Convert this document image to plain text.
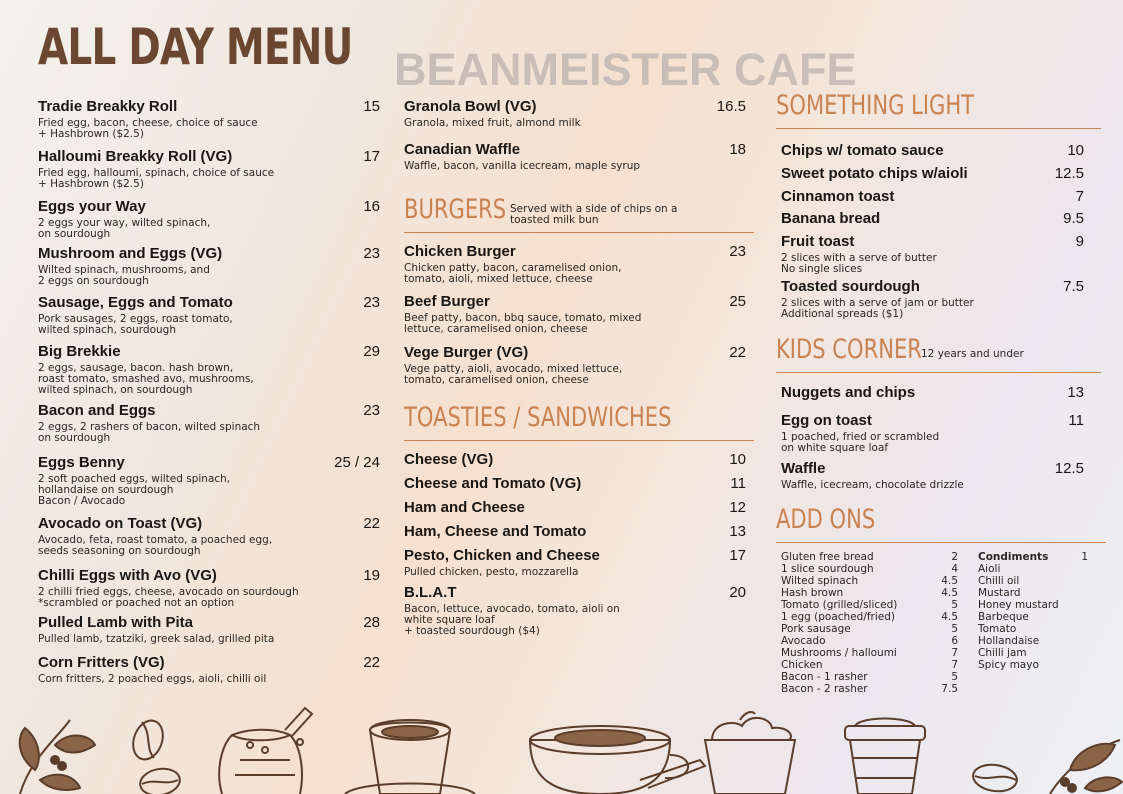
ALL DAY MENU BEANMEISTER CAFE
Tradie Breakky Roll	15
Fried egg, bacon, cheese, choice of sauce
+ Hashbrown ($2.5)
Halloumi Breakky Roll (VG)	17
Fried egg, halloumi, spinach, choice of sauce
+ Hashbrown ($2.5)
Eggs your Way	16
2 eggs your way, wilted spinach,
on sourdough
Mushroom and Eggs (VG)	23
Wilted spinach, mushrooms, and
2 eggs on sourdough
Sausage, Eggs and Tomato	23
Pork sausages, 2 eggs, roast tomato,
wilted spinach, sourdough
Big Brekkie	29
2 eggs, sausage, bacon. hash brown,
roast tomato, smashed avo, mushrooms,
wilted spinach, on sourdough
Bacon and Eggs	23
2 eggs, 2 rashers of bacon, wilted spinach
on sourdough
Eggs Benny	25 / 24
2 soft poached eggs, wilted spinach,
hollandaise on sourdough
Bacon / Avocado
Avocado on Toast (VG)	22
Avocado, feta, roast tomato, a poached egg,
seeds seasoning on sourdough
Chilli Eggs with Avo (VG)	19
2 chilli fried eggs, cheese, avocado on sourdough
*scrambled or poached not an option
Pulled Lamb with Pita	28
Pulled lamb, tzatziki, greek salad, grilled pita
Corn Fritters (VG)	22
Corn fritters, 2 poached eggs, aioli, chilli oil
Granola Bowl (VG)	16.5
Granola, mixed fruit, almond milk
Canadian Waffle	18
Waffle, bacon, vanilla icecream, maple syrup
BURGERS Served with a side of chips on a
toasted milk bun
Chicken Burger	23
Chicken patty, bacon, caramelised onion,
tomato, aioli, mixed lettuce, cheese
Beef Burger	25
Beef patty, bacon, bbq sauce, tomato, mixed
lettuce, caramelised onion, cheese
Vege Burger (VG)	22
Vege patty, aioli, avocado, mixed lettuce,
tomato, caramelised onion, cheese
TOASTIES / SANDWICHES
Cheese (VG)	10
Cheese and Tomato (VG)	11
Ham and Cheese	12
Ham, Cheese and Tomato	13
Pesto, Chicken and Cheese	17
Pulled chicken, pesto, mozzarella
B.L.A.T	20
Bacon, lettuce, avocado, tomato, aioli on
white square loaf
+ toasted sourdough ($4)
SOMETHING LIGHT
Chips w/ tomato sauce	10
Sweet potato chips w/aioli	12.5
Cinnamon toast	7
Banana bread	9.5
Fruit toast	9
2 slices with a serve of butter
No single slices
Toasted sourdough	7.5
2 slices with a serve of jam or butter
Additional spreads ($1)
KIDS CORNER 12 years and under
Nuggets and chips	13
Egg on toast	11
1 poached, fried or scrambled
on white square loaf
Waffle	12.5
Waffle, icecream, chocolate drizzle
ADD ONS
Gluten free bread	2
1 slice sourdough	4
Wilted spinach	4.5
Hash brown	4.5
Tomato (grilled/sliced)	5
1 egg (poached/fried)	4.5
Pork sausage	5
Avocado	6
Mushrooms / halloumi	7
Chicken	7
Bacon - 1 rasher	5
Bacon - 2 rasher	7.5
Condiments	1
Aioli
Chilli oil
Mustard
Honey mustard
Barbeque
Tomato
Hollandaise
Chilli jam
Spicy mayo
